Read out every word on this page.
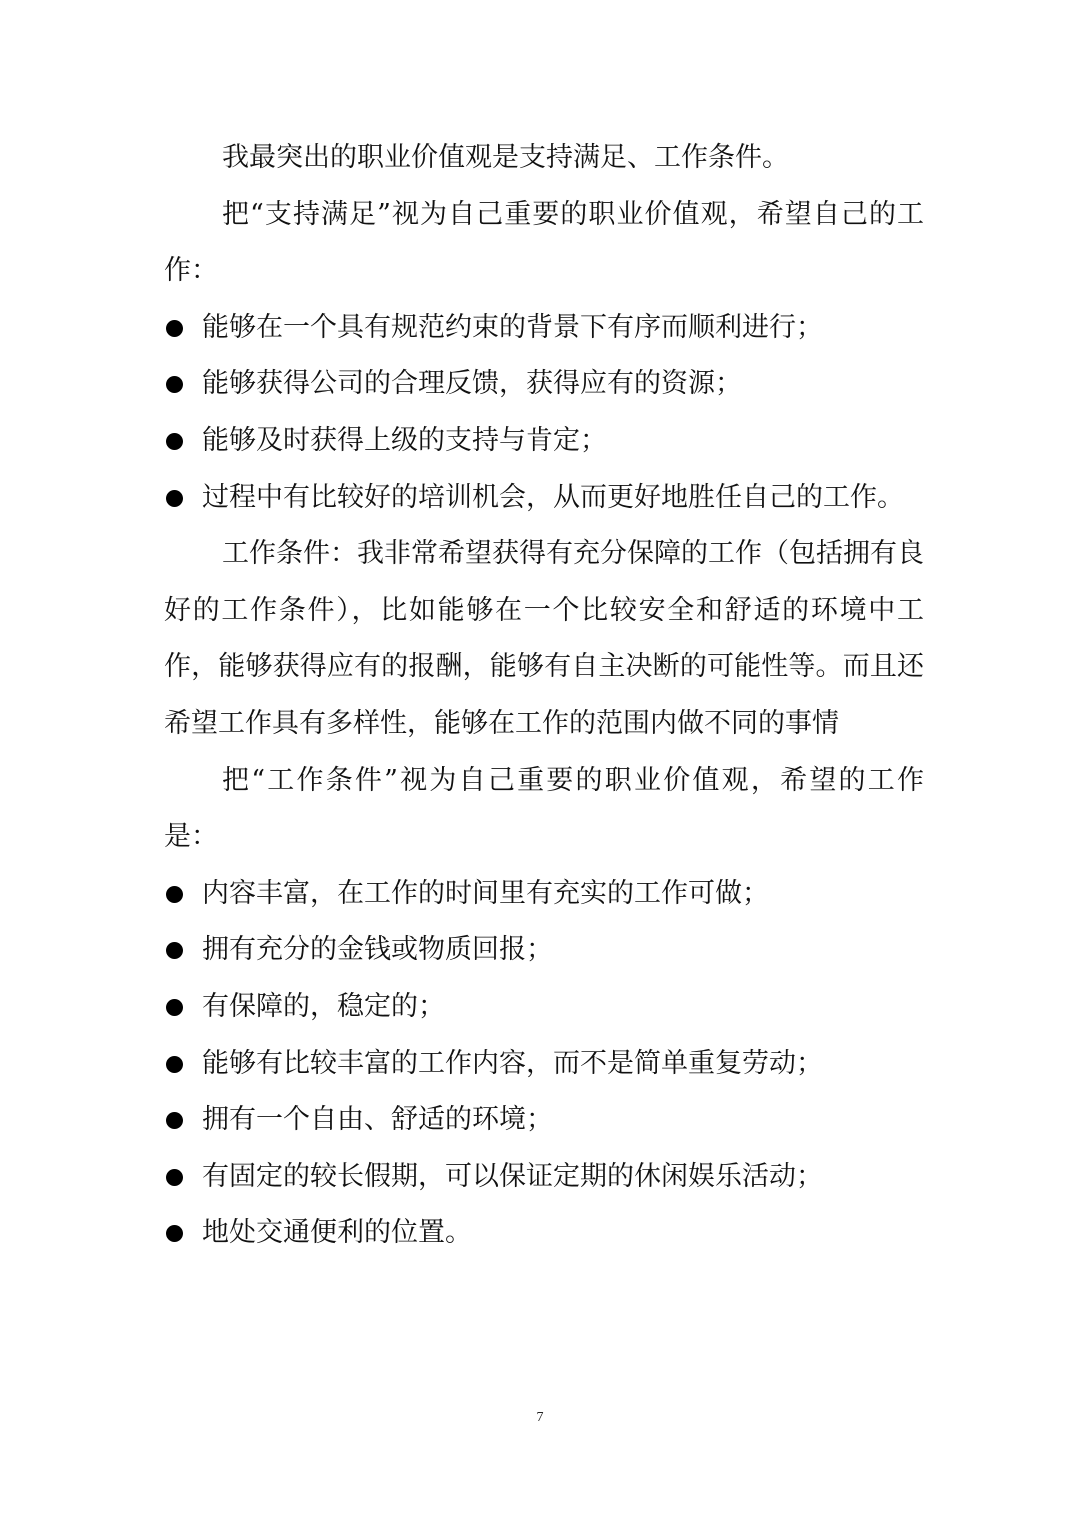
我最突出的职业价值观是支持满足、工作条件。

把“支持满足”视为自己重要的职业价值观，希望自己的工作：

能够在一个具有规范约束的背景下有序而顺利进行；
能够获得公司的合理反馈，获得应有的资源；
能够及时获得上级的支持与肯定；
过程中有比较好的培训机会，从而更好地胜任自己的工作。

工作条件：我非常希望获得有充分保障的工作（包括拥有良好的工作条件），比如能够在一个比较安全和舒适的环境中工作，能够获得应有的报酬，能够有自主决断的可能性等。而且还希望工作具有多样性，能够在工作的范围内做不同的事情

把“工作条件”视为自己重要的职业价值观，希望的工作是：

内容丰富，在工作的时间里有充实的工作可做；
拥有充分的金钱或物质回报；
有保障的，稳定的；
能够有比较丰富的工作内容，而不是简单重复劳动；
拥有一个自由、舒适的环境；
有固定的较长假期，可以保证定期的休闲娱乐活动；
地处交通便利的位置。
7
